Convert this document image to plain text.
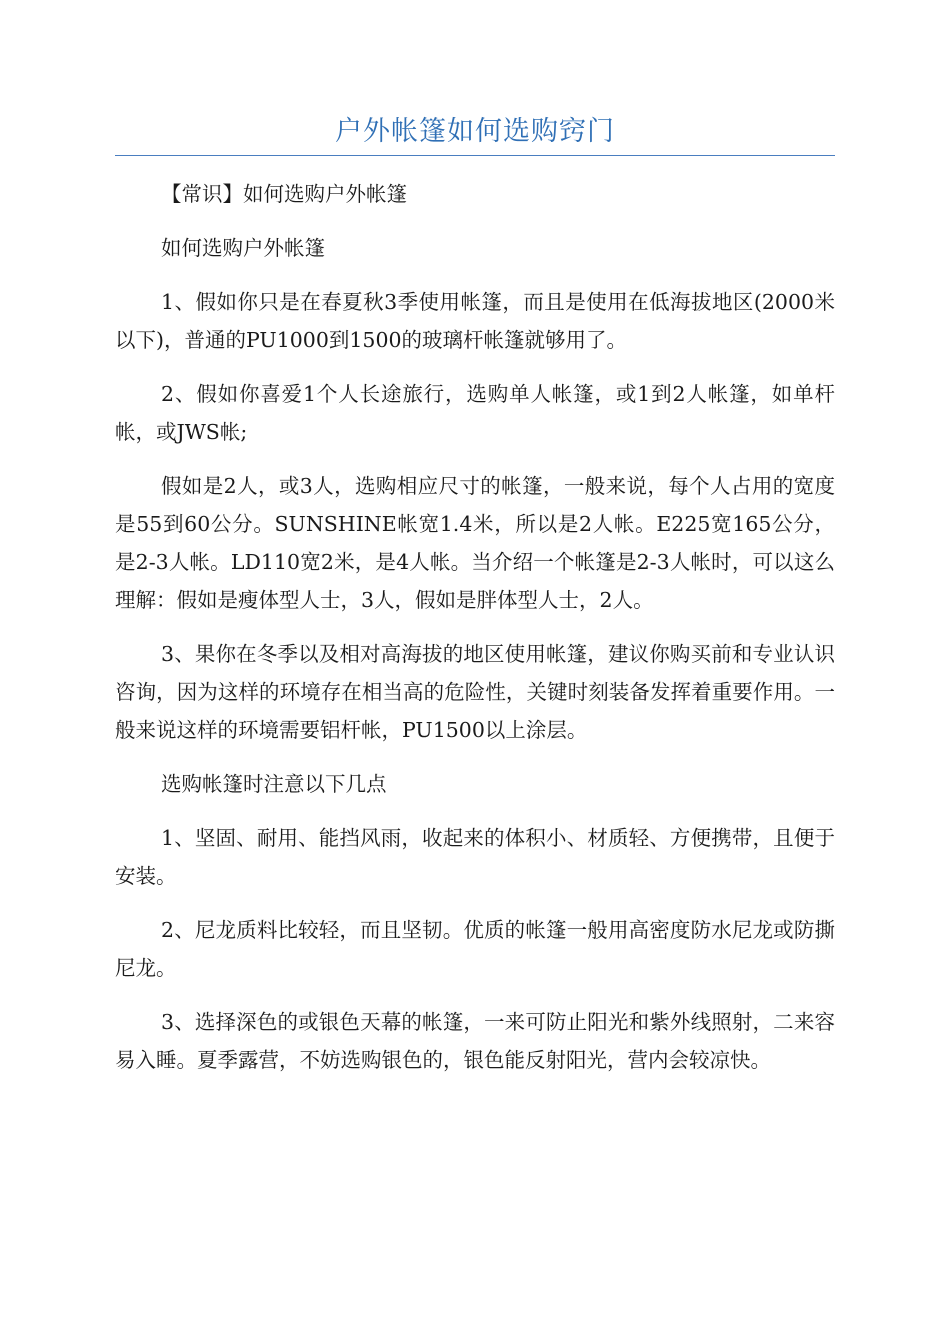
户外帐篷如何选购窍门

【常识】如何选购户外帐篷

如何选购户外帐篷

1、假如你只是在春夏秋3季使用帐篷，而且是使用在低海拔地区(2000米以下)，普通的PU1000到1500的玻璃杆帐篷就够用了。

2、假如你喜爱1个人长途旅行，选购单人帐篷，或1到2人帐篷，如单杆帐，或JWS帐;

假如是2人，或3人，选购相应尺寸的帐篷，一般来说，每个人占用的宽度是55到60公分。SUNSHINE帐宽1.4米，所以是2人帐。E225宽165公分，是2-3人帐。LD110宽2米，是4人帐。当介绍一个帐篷是2-3人帐时，可以这么理解：假如是瘦体型人士，3人，假如是胖体型人士，2人。

3、果你在冬季以及相对高海拔的地区使用帐篷，建议你购买前和专业认识咨询，因为这样的环境存在相当高的危险性，关键时刻装备发挥着重要作用。一般来说这样的环境需要铝杆帐，PU1500以上涂层。

选购帐篷时注意以下几点

1、坚固、耐用、能挡风雨，收起来的体积小、材质轻、方便携带，且便于安装。

2、尼龙质料比较轻，而且坚韧。优质的帐篷一般用高密度防水尼龙或防撕尼龙。

3、选择深色的或银色天幕的帐篷，一来可防止阳光和紫外线照射，二来容易入睡。夏季露营，不妨选购银色的，银色能反射阳光，营内会较凉快。
